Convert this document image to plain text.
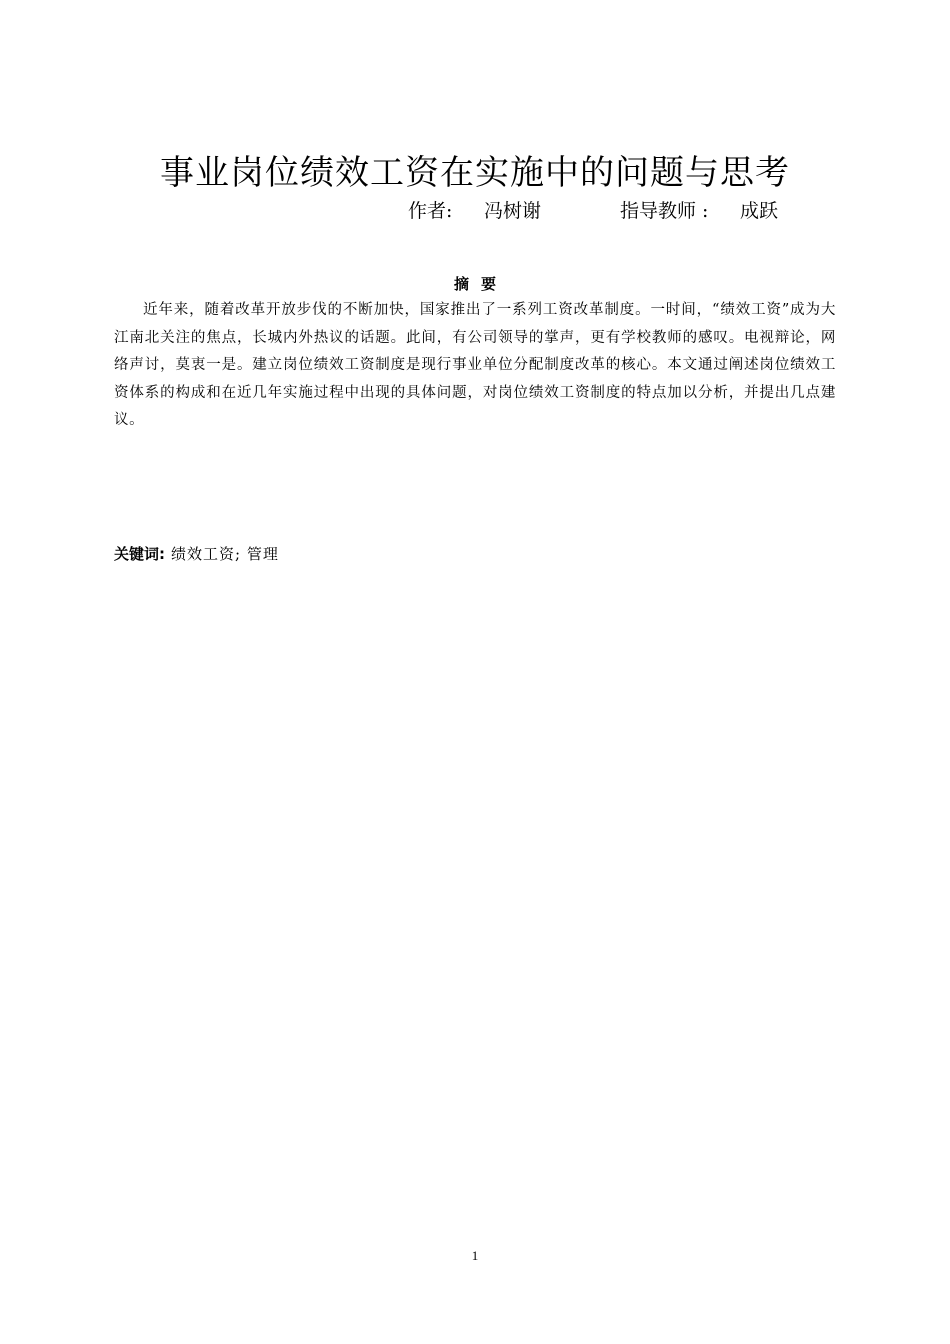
事业岗位绩效工资在实施中的问题与思考
作者: 冯树谢	指导教师 : 成跃
摘要
近年来，随着改革开放步伐的不断加快，国家推出了一系列工资改革制度。一时间，“绩效工资”成为大江南北关注的焦点，长城内外热议的话题。此间，有公司领导的掌声，更有学校教师的感叹。电视辩论，网络声讨，莫衷一是。建立岗位绩效工资制度是现行事业单位分配制度改革的核心。本文通过阐述岗位绩效工资体系的构成和在近几年实施过程中出现的具体问题，对岗位绩效工资制度的特点加以分析，并提出几点建议。
关键词: 绩效工资; 管理
1
